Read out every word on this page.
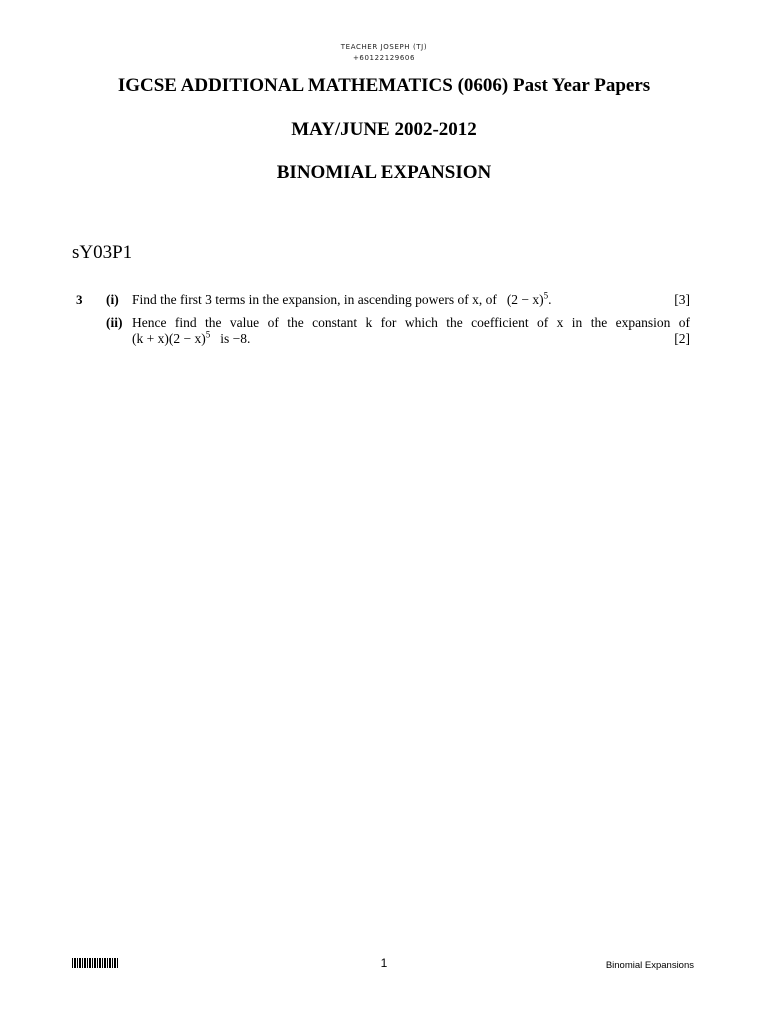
TEACHER JOSEPH (TJ)
+60122129606
IGCSE ADDITIONAL MATHEMATICS (0606) Past Year Papers
MAY/JUNE 2002-2012
BINOMIAL EXPANSION
sY03P1
3 (i) Find the first 3 terms in the expansion, in ascending powers of x, of $(2 - x)^5$.	[3]
(ii) Hence find the value of the constant k for which the coefficient of x in the expansion of
$(k + x)(2 - x)^5$ is −8.	[2]
1	Binomial Expansions
